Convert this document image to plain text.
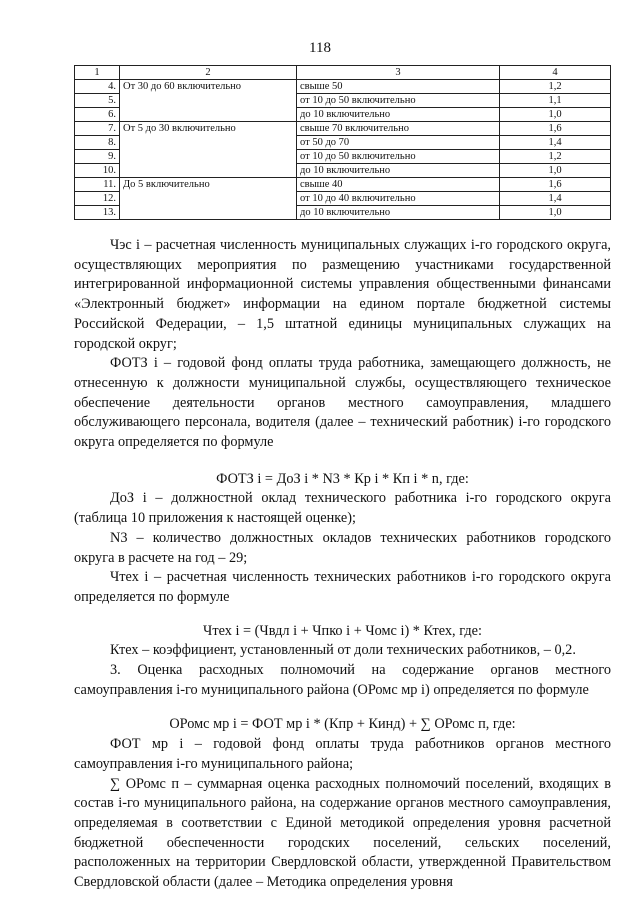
118
1	2	3	4
4.	От 30 до 60 включительно	свыше 50	1,2
5.		от 10 до 50 включительно	1,1
6.		до 10 включительно	1,0
7.	От 5 до 30 включительно	свыше 70 включительно	1,6
8.		от 50 до 70	1,4
9.		от 10 до 50 включительно	1,2
10.		до 10 включительно	1,0
11.	До 5 включительно	свыше 40	1,6
12.		от 10 до 40 включительно	1,4
13.		до 10 включительно	1,0

Чэс i – расчетная численность муниципальных служащих i-го городского округа, осуществляющих мероприятия по размещению участниками государственной интегрированной информационной системы управления общественными финансами «Электронный бюджет» информации на едином портале бюджетной системы Российской Федерации, – 1,5 штатной единицы муниципальных служащих на городской округ;

ФОТЗ i – годовой фонд оплаты труда работника, замещающего должность, не отнесенную к должности муниципальной службы, осуществляющего техническое обеспечение деятельности органов местного самоуправления, младшего обслуживающего персонала, водителя (далее – технический работник) i-го городского округа определяется по формуле

ФОТЗ i = ДоЗ i * N3 * Кр i * Кп i * n, где:

ДоЗ i – должностной оклад технического работника i-го городского округа (таблица 10 приложения к настоящей оценке);

N3 – количество должностных окладов технических работников городского округа в расчете на год – 29;

Чтех i – расчетная численность технических работников i-го городского округа определяется по формуле

Чтех i = (Чвдл i + Чпко i + Чомс i) * Ктех, где:

Ктех – коэффициент, установленный от доли технических работников, – 0,2.

3. Оценка расходных полномочий на содержание органов местного самоуправления i-го муниципального района (ОРомс мр i) определяется по формуле

ОРомс мр i = ФОТ мр i * (Кпр + Кинд) + ∑ ОРомс п, где:

ФОТ мр i – годовой фонд оплаты труда работников органов местного самоуправления i-го муниципального района;

∑ ОРомс п – суммарная оценка расходных полномочий поселений, входящих в состав i-го муниципального района, на содержание органов местного самоуправления, определяемая в соответствии с Единой методикой определения уровня расчетной бюджетной обеспеченности городских поселений, сельских поселений, расположенных на территории Свердловской области, утвержденной Правительством Свердловской области (далее – Методика определения уровня
